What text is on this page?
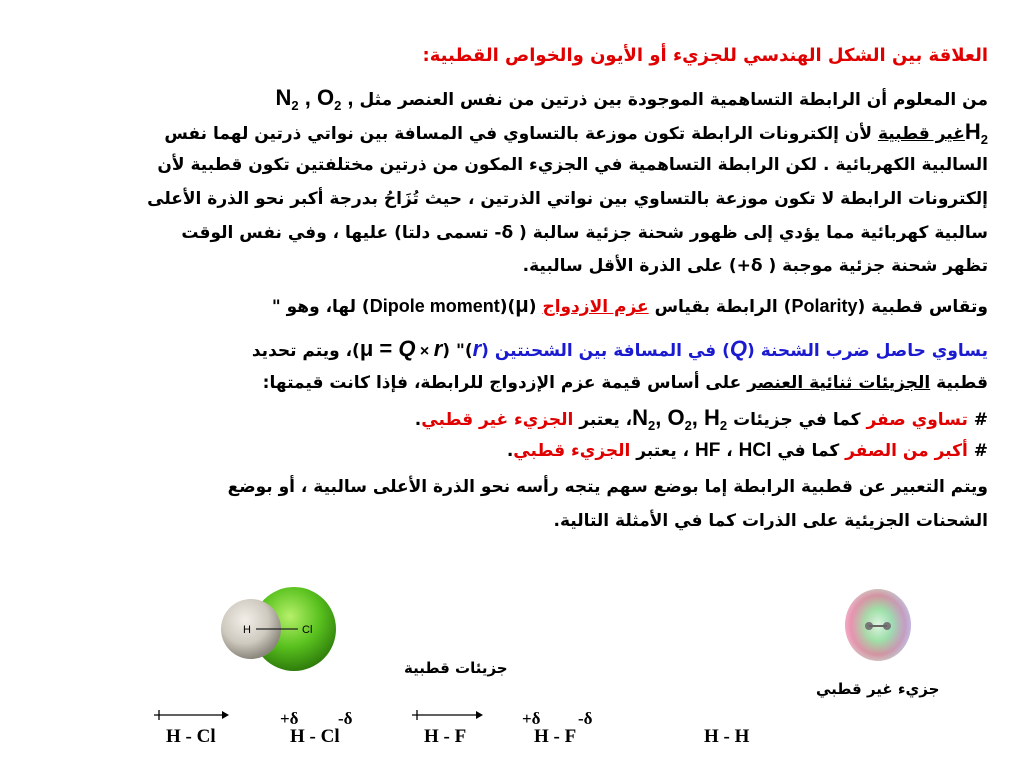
العلاقة بين الشكل الهندسي للجزيء أو الأيون والخواص القطبية:
من المعلوم أن الرابطة التساهمية الموجودة بين ذرتين من نفس العنصر مثل $N_2$ , $O_2$ ,
$H_2غير$ قطبية لأن إلكترونات الرابطة تكون موزعة بالتساوي في المسافة بين نواتي ذرتين لهما نفس
السالبية الكهربائية . لكن الرابطة التساهمية في الجزيء المكون من ذرتين مختلفتين تكون قطبية لأن
إلكترونات الرابطة لا تكون موزعة بالتساوي بين نواتي الذرتين ، حيث تُزَاحُ بدرجة أكبر نحو الذرة الأعلى
سالبية كهربائية مما يؤدي إلى ظهور شحنة جزئية سالبة ( δ- تسمى دلتا) عليها ، وفي نفس الوقت
تظهر شحنة جزئية موجبة ( δ+) على الذرة الأقل سالبية.
وتقاس قطبية (Polarity) الرابطة بقياس عزم الازدواج (μ)(Dipole moment) لها، وهو "
يساوي حاصل ضرب الشحنة (Q) في المسافة بين الشحنتين (r)" (μ = Q × r)، ويتم تحديد
قطبية الجزيئات ثنائية العنصر على أساس قيمة عزم الإزدواج للرابطة، فإذا كانت قيمتها:
# تساوي صفر كما في جزيئات $N_2$, $O_2$, $H_2،$ يعتبر الجزيء غير قطبي.
# أكبر من الصفر كما في HF ، HCl ، يعتبر الجزيء قطبي.
ويتم التعبير عن قطبية الرابطة إما بوضع سهم يتجه رأسه نحو الذرة الأعلى سالبية ، أو بوضع
الشحنات الجزيئية على الذرات كما في الأمثلة التالية.
H	Cl
جزيئات قطبية
جزيء غير قطبي
H - Cl
+δ -δ
H - Cl	H - F
+δ -δ
H - F	H - H
